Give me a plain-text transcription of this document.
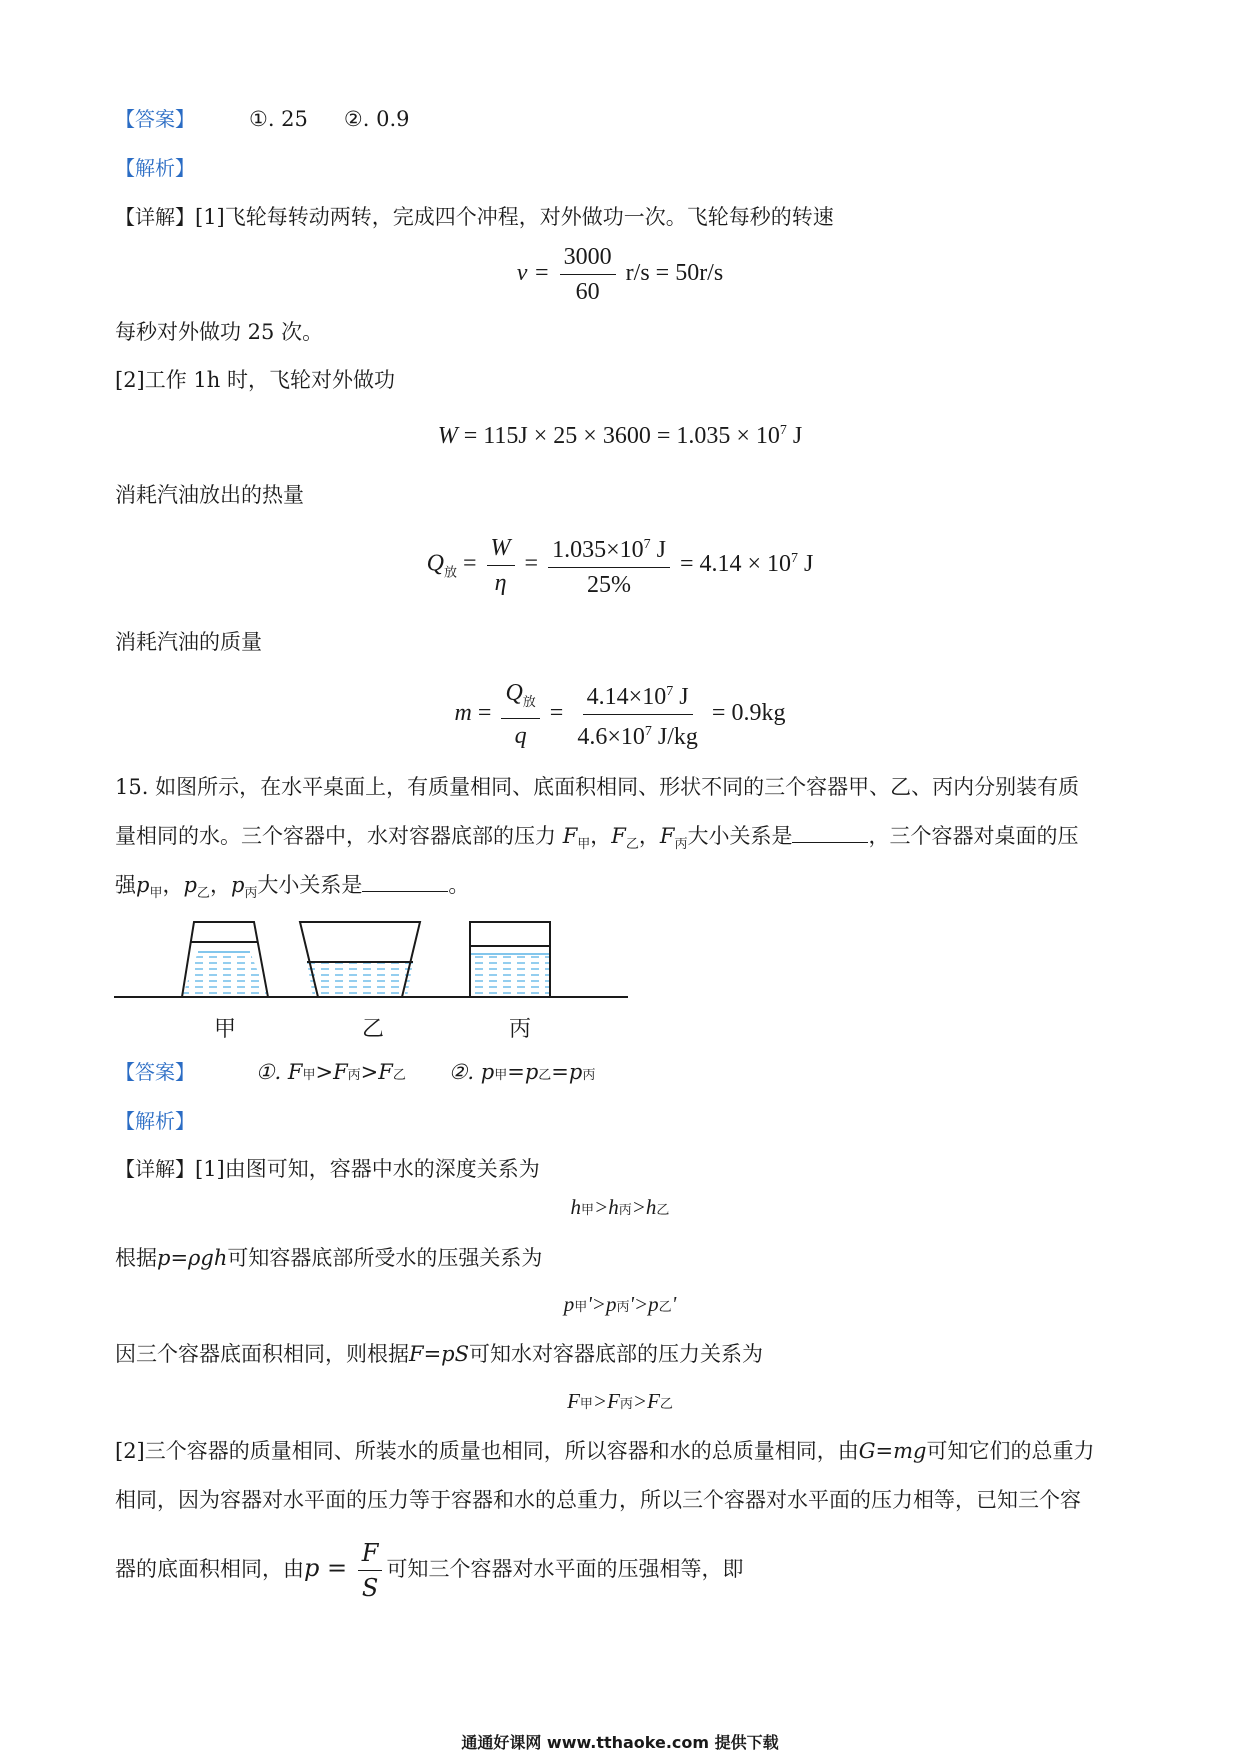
【答案】	①. 25 ②. 0.9
【解析】
【详解】[1]飞轮每转动两转，完成四个冲程，对外做功一次。飞轮每秒的转速
$v = \frac{3000}{60} r/s = 50r/s$
每秒对外做功 25 次。
[2]工作 1h 时，飞轮对外做功
$W = 115J \times 25 \times 3600 = 1.035 \times 10^7$ J
消耗汽油放出的热量
$Q_放 = \frac{W}{\eta} = \frac{1.035\times 10^7 J}{25\%} = 4.14 \times 10^7$ J
消耗汽油的质量
$m = \frac{Q_放}{q} = \frac{4.14\times 10^7 J}{4.6\times 10^7 J/kg} = 0.9kg$
15. 如图所示，在水平桌面上，有质量相同、底面积相同、形状不同的三个容器甲、乙、丙内分别装有质
量相同的水。三个容器中，水对容器底部的压力 $F_甲$，$F_乙$，$F_丙$大小关系是	，三个容器对桌面的压
强$p_甲$，$p_乙$，$p_丙$大小关系是	。
甲	乙	丙
【答案】	①. F甲>F丙>F乙 ②. p甲=p乙=p丙
【解析】
【详解】[1]由图可知，容器中水的深度关系为
h甲>h丙>h乙
根据p=ρgh可知容器底部所受水的压强关系为
p甲'>p丙'>p乙'
因三个容器底面积相同，则根据F=pS可知水对容器底部的压力关系为
F甲>F丙>F乙
[2]三个容器的质量相同、所装水的质量也相同，所以容器和水的总质量相同，由G=mg可知它们的总重力
相同，因为容器对水平面的压力等于容器和水的总重力，所以三个容器对水平面的压力相等，已知三个容
器的底面积相同，由$p = \frac{F}{S}$ 可知三个容器对水平面的压强相等，即
通通好课网 www.tthaoke.com 提供下载
